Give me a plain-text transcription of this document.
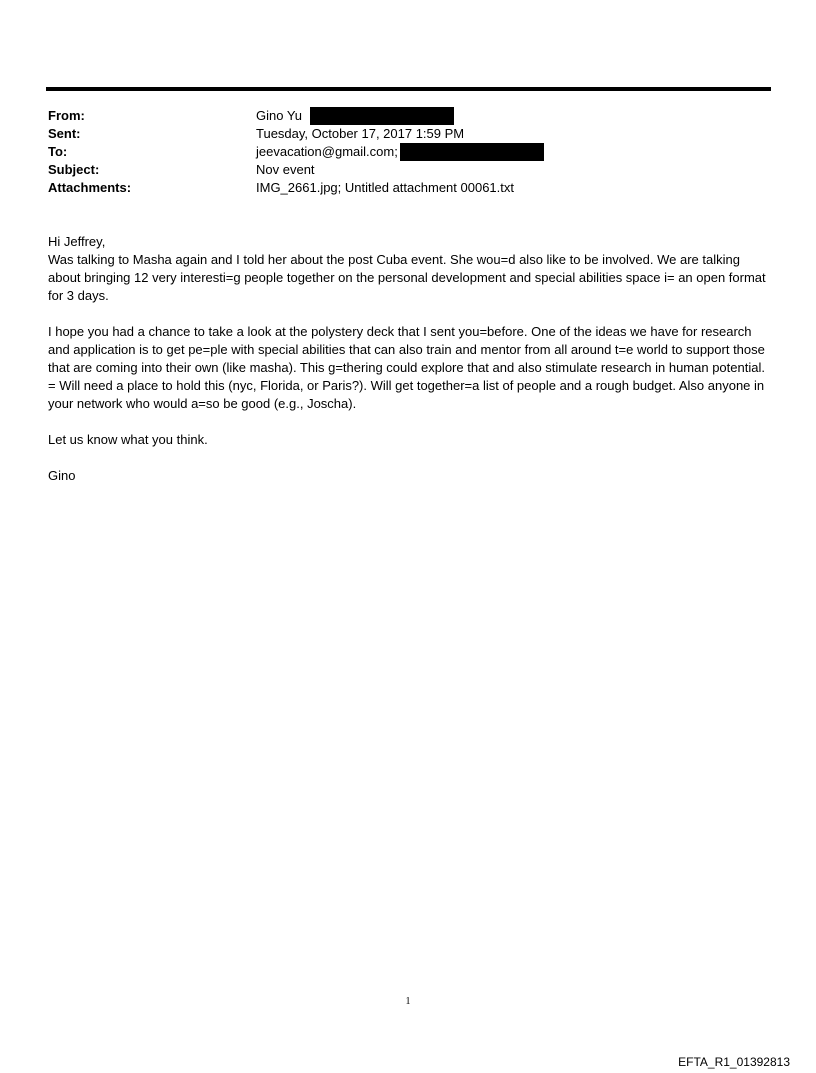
From:	Gino Yu
Sent:	Tuesday, October 17, 2017 1:59 PM
To:	jeevacation@gmail.com;
Subject:	Nov event
Attachments:	IMG_2661.jpg; Untitled attachment 00061.txt

Hi Jeffrey,

Was talking to Masha again and I told her about the post Cuba event. She wou=d also like to be involved. We are talking about bringing 12 very interesti=g people together on the personal development and special abilities space i= an open format for 3 days.

I hope you had a chance to take a look at the polystery deck that I sent you=before. One of the ideas we have for research and application is to get pe=ple with special abilities that can also train and mentor from all around t=e world to support those that are coming into their own (like masha). This g=thering could explore that and also stimulate research in human potential. = Will need a place to hold this (nyc, Florida, or Paris?). Will get together=a list of people and a rough budget. Also anyone in your network who would a=so be good (e.g., Joscha).

Let us know what you think.

Gino

1
EFTA_R1_01392813
